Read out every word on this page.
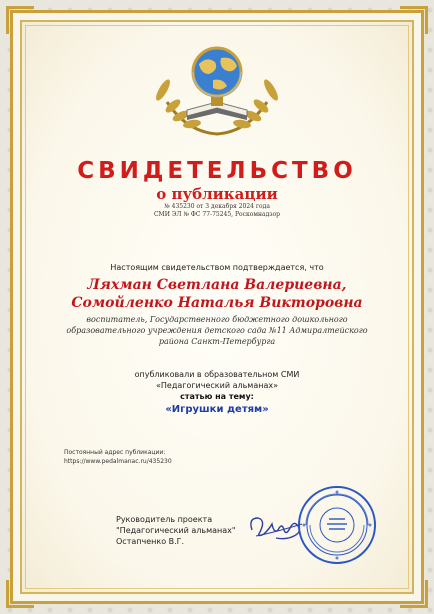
СВИДЕТЕЛЬСТВО
о публикации
№ 435230 от 3 декабря 2024 года
СМИ ЭЛ № ФС 77-75245, Роскомнадзор
Настоящим свидетельством подтверждается, что
Ляхман Светлана Валериевна,
Сомойленко Наталья Викторовна
воспитатель, Государственного бюджетного дошкольного образовательного учреждения детского сада №11 Адмиралтейского района Санкт-Петербурга
опубликовали в образовательном СМИ
«Педагогический альманах»
статью на тему:
«Игрушки детям»
Постоянный адрес публикации:
https://www.pedalmanac.ru/435230
Руководитель проекта
"Педагогический альманах"
Остапченко В.Г.
